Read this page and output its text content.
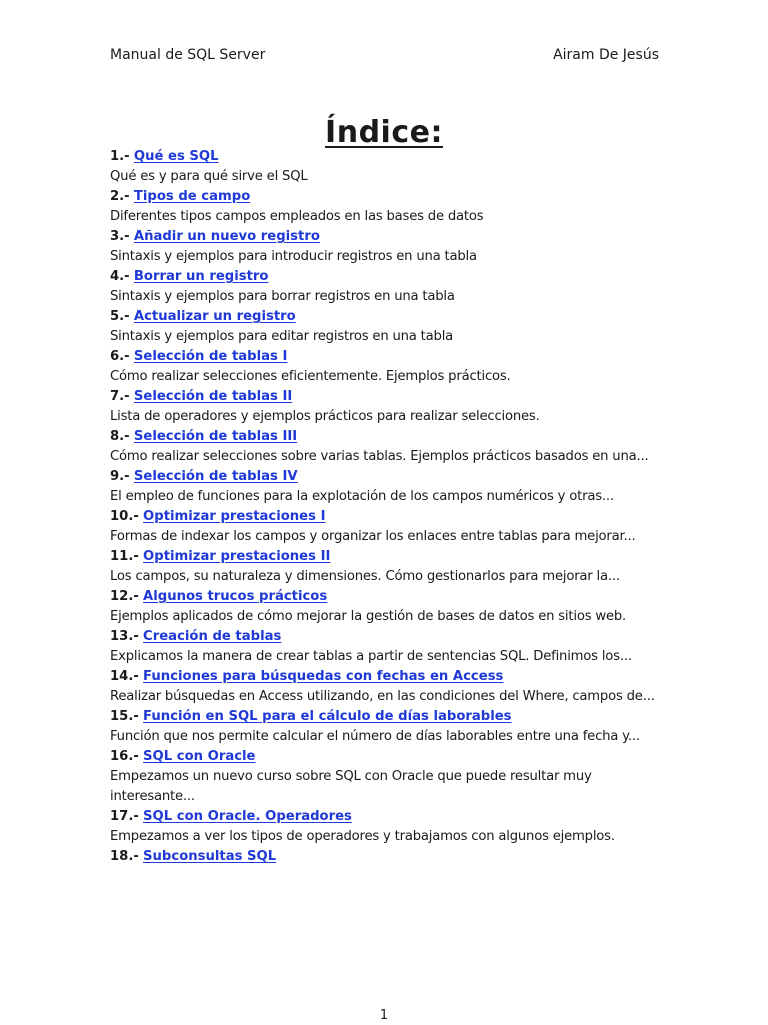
Manual de SQL Server	Airam De Jesús
Índice:
1.- Qué es SQL
Qué es y para qué sirve el SQL
2.- Tipos de campo
Diferentes tipos campos empleados en las bases de datos
3.- Añadir un nuevo registro
Sintaxis y ejemplos para introducir registros en una tabla
4.- Borrar un registro
Sintaxis y ejemplos para borrar registros en una tabla
5.- Actualizar un registro
Sintaxis y ejemplos para editar registros en una tabla
6.- Selección de tablas I
Cómo realizar selecciones eficientemente. Ejemplos prácticos.
7.- Selección de tablas II
Lista de operadores y ejemplos prácticos para realizar selecciones.
8.- Selección de tablas III
Cómo realizar selecciones sobre varias tablas. Ejemplos prácticos basados en una...
9.- Selección de tablas IV
El empleo de funciones para la explotación de los campos numéricos y otras...
10.- Optimizar prestaciones I
Formas de indexar los campos y organizar los enlaces entre tablas para mejorar...
11.- Optimizar prestaciones II
Los campos, su naturaleza y dimensiones. Cómo gestionarlos para mejorar la...
12.- Algunos trucos prácticos
Ejemplos aplicados de cómo mejorar la gestión de bases de datos en sitios web.
13.- Creación de tablas
Explicamos la manera de crear tablas a partir de sentencias SQL. Definimos los...
14.- Funciones para búsquedas con fechas en Access
Realizar búsquedas en Access utilizando, en las condiciones del Where, campos de...
15.- Función en SQL para el cálculo de días laborables
Función que nos permite calcular el número de días laborables entre una fecha y...
16.- SQL con Oracle
Empezamos un nuevo curso sobre SQL con Oracle que puede resultar muy interesante...
17.- SQL con Oracle. Operadores
Empezamos a ver los tipos de operadores y trabajamos con algunos ejemplos.
18.- Subconsultas SQL
1
